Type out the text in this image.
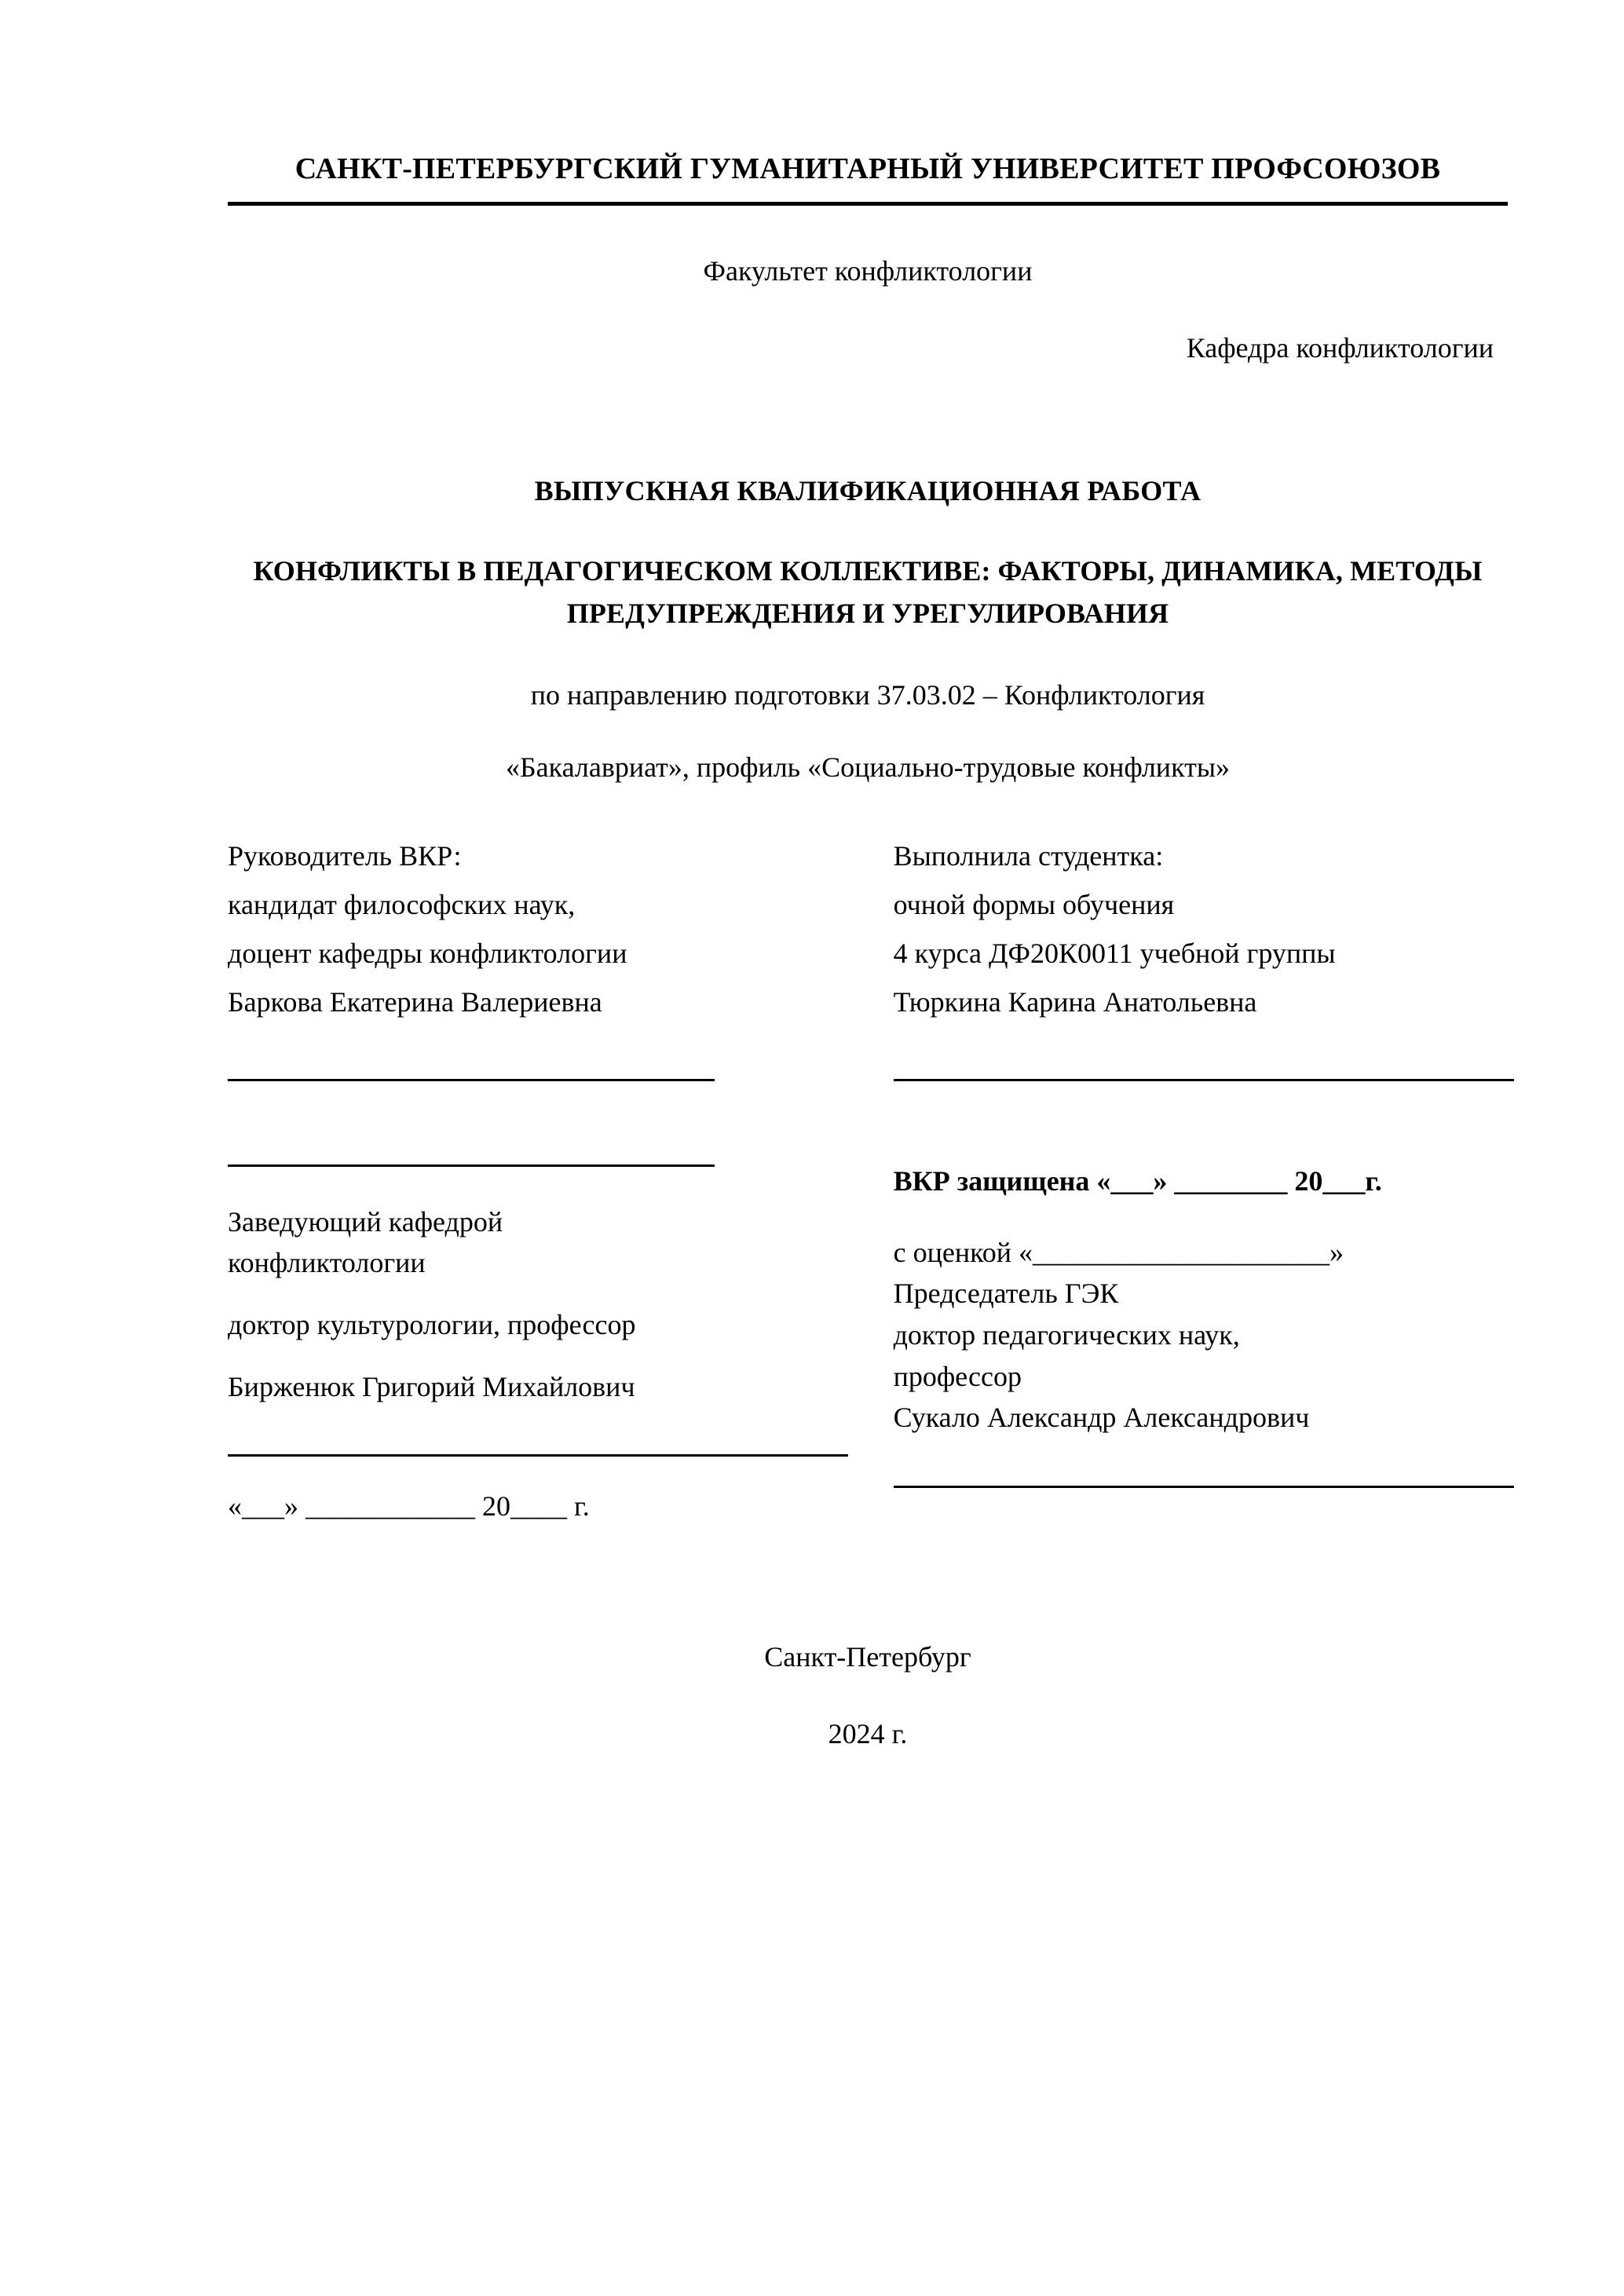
САНКТ-ПЕТЕРБУРГСКИЙ ГУМАНИТАРНЫЙ УНИВЕРСИТЕТ ПРОФСОЮЗОВ
Факультет конфликтологии
Кафедра конфликтологии
ВЫПУСКНАЯ КВАЛИФИКАЦИОННАЯ РАБОТА
КОНФЛИКТЫ В ПЕДАГОГИЧЕСКОМ КОЛЛЕКТИВЕ: ФАКТОРЫ, ДИНАМИКА, МЕТОДЫ ПРЕДУПРЕЖДЕНИЯ И УРЕГУЛИРОВАНИЯ
по направлению подготовки 37.03.02 – Конфликтология
«Бакалавриат», профиль «Социально-трудовые конфликты»
Руководитель ВКР:
кандидат философских наук,
доцент кафедры конфликтологии
Баркова Екатерина Валериевна
Выполнила студентка:
очной формы обучения
4 курса ДФ20К0011 учебной группы
Тюркина Карина Анатольевна
Заведующий кафедрой
конфликтологии
доктор культурологии, профессор
Бирженюк Григорий Михайлович
«___» ____________ 20____ г.
ВКР защищена «___» ________ 20___г.
с оценкой «_____________________»
Председатель ГЭК
доктор педагогических наук,
профессор
Сукало Александр Александрович
Санкт-Петербург
2024 г.
